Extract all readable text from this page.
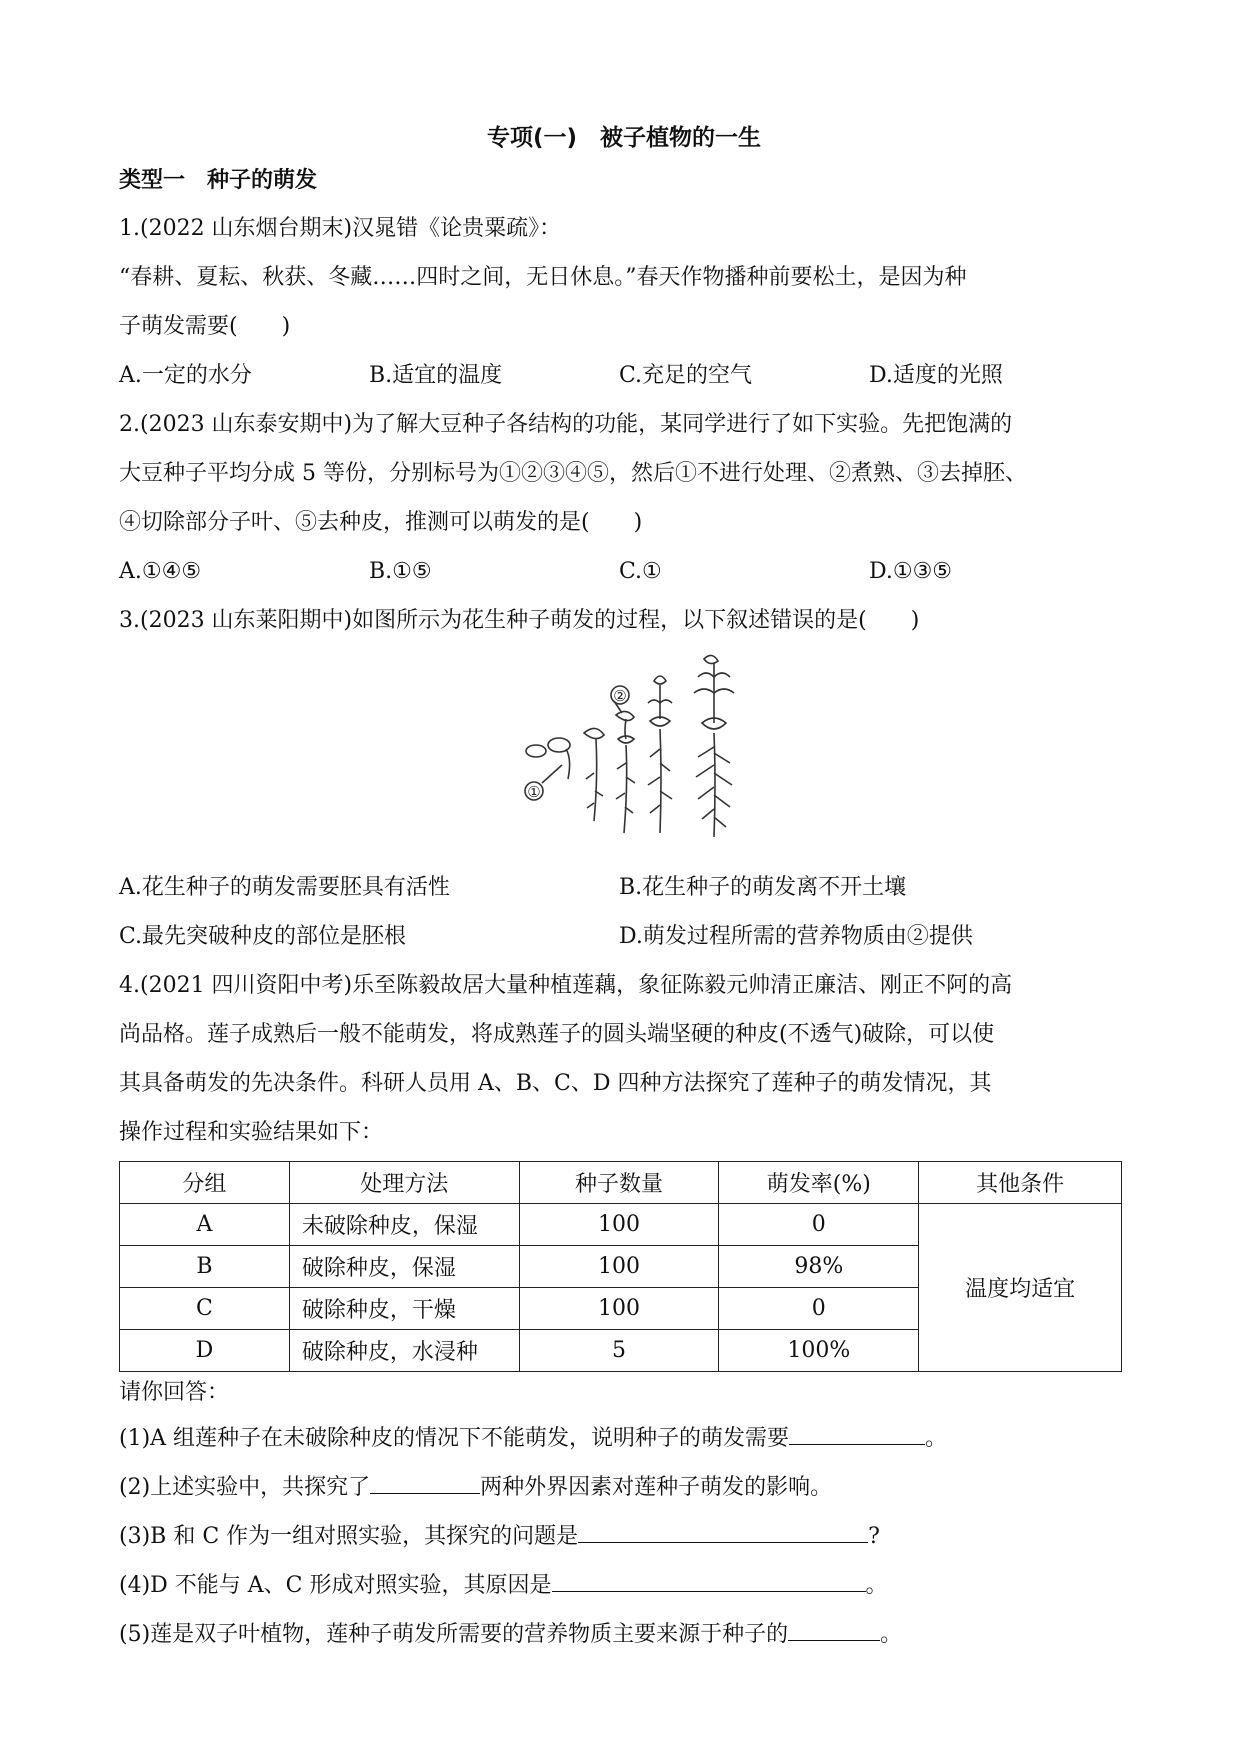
专项(一)　被子植物的一生
类型一　种子的萌发
1.(2022 山东烟台期末)汉晁错《论贵粟疏》：
“春耕、夏耘、秋获、冬藏……四时之间，无日休息。”春天作物播种前要松土，是因为种
子萌发需要(　　)
A.一定的水分	B.适宜的温度	C.充足的空气	D.适度的光照
2.(2023 山东泰安期中)为了解大豆种子各结构的功能，某同学进行了如下实验。先把饱满的
大豆种子平均分成 5 等份，分别标号为①②③④⑤，然后①不进行处理、②煮熟、③去掉胚、
④切除部分子叶、⑤去种皮，推测可以萌发的是(　　)
A.①④⑤	B.①⑤	C.①	D.①③⑤
3.(2023 山东莱阳期中)如图所示为花生种子萌发的过程，以下叙述错误的是(　　)
②
①
A.花生种子的萌发需要胚具有活性	B.花生种子的萌发离不开土壤
C.最先突破种皮的部位是胚根	D.萌发过程所需的营养物质由②提供
4.(2021 四川资阳中考)乐至陈毅故居大量种植莲藕，象征陈毅元帅清正廉洁、刚正不阿的高
尚品格。莲子成熟后一般不能萌发，将成熟莲子的圆头端坚硬的种皮(不透气)破除，可以使
其具备萌发的先决条件。科研人员用 A、B、C、D 四种方法探究了莲种子的萌发情况，其
操作过程和实验结果如下：
分组	处理方法	种子数量	萌发率(%)	其他条件
A	未破除种皮，保湿	100	0	温度均适宜
B	破除种皮，保湿	100	98%	
C	破除种皮，干燥	100	0	
D	破除种皮，水浸种	5	100%	
请你回答：
(1)A 组莲种子在未破除种皮的情况下不能萌发，说明种子的萌发需要	。
(2)上述实验中，共探究了	两种外界因素对莲种子萌发的影响。
(3)B 和 C 作为一组对照实验，其探究的问题是	?
(4)D 不能与 A、C 形成对照实验，其原因是	。
(5)莲是双子叶植物，莲种子萌发所需要的营养物质主要来源于种子的	。
